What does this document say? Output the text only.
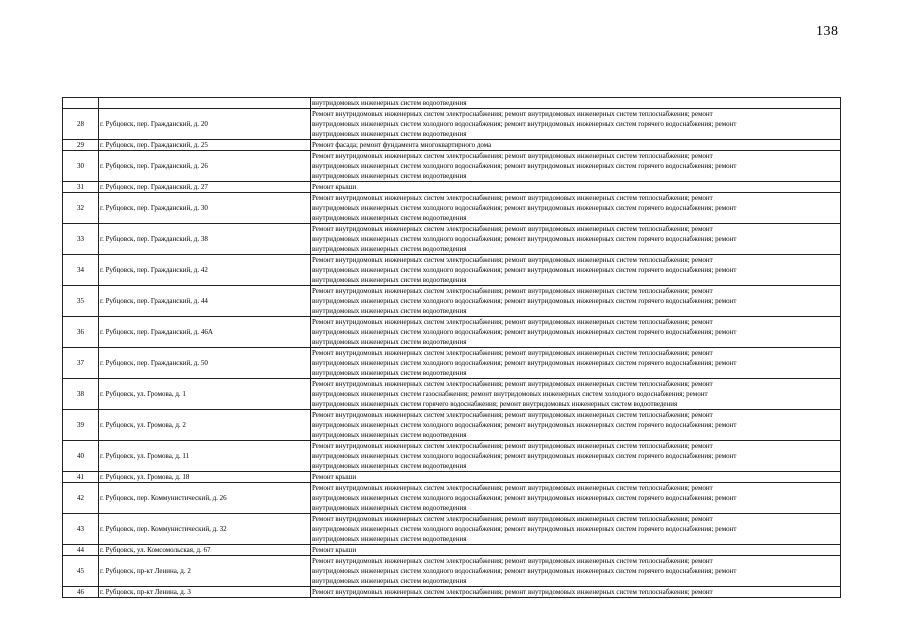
138

		внутридомовых инженерных систем водоотведения

28	г. Рубцовск, пер. Гражданский, д. 20	Ремонт внутридомовых инженерных систем электроснабжения; ремонт внутридомовых инженерных систем теплоснабжения; ремонт
внутридомовых инженерных систем холодного водоснабжения; ремонт внутридомовых инженерных систем горячего водоснабжения; ремонт
внутридомовых инженерных систем водоотведения

29	г. Рубцовск, пер. Гражданский, д. 25	Ремонт фасада; ремонт фундамента многоквартирного дома

30	г. Рубцовск, пер. Гражданский, д. 26	Ремонт внутридомовых инженерных систем электроснабжения; ремонт внутридомовых инженерных систем теплоснабжения; ремонт
внутридомовых инженерных систем холодного водоснабжения; ремонт внутридомовых инженерных систем горячего водоснабжения; ремонт
внутридомовых инженерных систем водоотведения

31	г. Рубцовск, пер. Гражданский, д. 27	Ремонт крыши

32	г. Рубцовск, пер. Гражданский, д. 30	Ремонт внутридомовых инженерных систем электроснабжения; ремонт внутридомовых инженерных систем теплоснабжения; ремонт
внутридомовых инженерных систем холодного водоснабжения; ремонт внутридомовых инженерных систем горячего водоснабжения; ремонт
внутридомовых инженерных систем водоотведения

33	г. Рубцовск, пер. Гражданский, д. 38	Ремонт внутридомовых инженерных систем электроснабжения; ремонт внутридомовых инженерных систем теплоснабжения; ремонт
внутридомовых инженерных систем холодного водоснабжения; ремонт внутридомовых инженерных систем горячего водоснабжения; ремонт
внутридомовых инженерных систем водоотведения

34	г. Рубцовск, пер. Гражданский, д. 42	Ремонт внутридомовых инженерных систем электроснабжения; ремонт внутридомовых инженерных систем теплоснабжения; ремонт
внутридомовых инженерных систем холодного водоснабжения; ремонт внутридомовых инженерных систем горячего водоснабжения; ремонт
внутридомовых инженерных систем водоотведения

35	г. Рубцовск, пер. Гражданский, д. 44	Ремонт внутридомовых инженерных систем электроснабжения; ремонт внутридомовых инженерных систем теплоснабжения; ремонт
внутридомовых инженерных систем холодного водоснабжения; ремонт внутридомовых инженерных систем горячего водоснабжения; ремонт
внутридомовых инженерных систем водоотведения

36	г. Рубцовск, пер. Гражданский, д. 46А	Ремонт внутридомовых инженерных систем электроснабжения; ремонт внутридомовых инженерных систем теплоснабжения; ремонт
внутридомовых инженерных систем холодного водоснабжения; ремонт внутридомовых инженерных систем горячего водоснабжения; ремонт
внутридомовых инженерных систем водоотведения

37	г. Рубцовск, пер. Гражданский, д. 50	Ремонт внутридомовых инженерных систем электроснабжения; ремонт внутридомовых инженерных систем теплоснабжения; ремонт
внутридомовых инженерных систем холодного водоснабжения; ремонт внутридомовых инженерных систем горячего водоснабжения; ремонт
внутридомовых инженерных систем водоотведения

38	г. Рубцовск, ул. Громова, д. 1	Ремонт внутридомовых инженерных систем электроснабжения; ремонт внутридомовых инженерных систем теплоснабжения; ремонт
внутридомовых инженерных систем газоснабжения; ремонт внутридомовых инженерных систем холодного водоснабжения; ремонт
внутридомовых инженерных систем горячего водоснабжения; ремонт внутридомовых инженерных систем водоотведения

39	г. Рубцовск, ул. Громова, д. 2	Ремонт внутридомовых инженерных систем электроснабжения; ремонт внутридомовых инженерных систем теплоснабжения; ремонт
внутридомовых инженерных систем холодного водоснабжения; ремонт внутридомовых инженерных систем горячего водоснабжения; ремонт
внутридомовых инженерных систем водоотведения

40	г. Рубцовск, ул. Громова, д. 11	Ремонт внутридомовых инженерных систем электроснабжения; ремонт внутридомовых инженерных систем теплоснабжения; ремонт
внутридомовых инженерных систем холодного водоснабжения; ремонт внутридомовых инженерных систем горячего водоснабжения; ремонт
внутридомовых инженерных систем водоотведения

41	г. Рубцовск, ул. Громова, д. 18	Ремонт крыши

42	г. Рубцовск, пер. Коммунистический, д. 26	Ремонт внутридомовых инженерных систем электроснабжения; ремонт внутридомовых инженерных систем теплоснабжения; ремонт
внутридомовых инженерных систем холодного водоснабжения; ремонт внутридомовых инженерных систем горячего водоснабжения; ремонт
внутридомовых инженерных систем водоотведения

43	г. Рубцовск, пер. Коммунистический, д. 32	Ремонт внутридомовых инженерных систем электроснабжения; ремонт внутридомовых инженерных систем теплоснабжения; ремонт
внутридомовых инженерных систем холодного водоснабжения; ремонт внутридомовых инженерных систем горячего водоснабжения; ремонт
внутридомовых инженерных систем водоотведения

44	г. Рубцовск, ул. Комсомольская, д. 67	Ремонт крыши

45	г. Рубцовск, пр-кт Ленина, д. 2	Ремонт внутридомовых инженерных систем электроснабжения; ремонт внутридомовых инженерных систем теплоснабжения; ремонт
внутридомовых инженерных систем холодного водоснабжения; ремонт внутридомовых инженерных систем горячего водоснабжения; ремонт
внутридомовых инженерных систем водоотведения

46	г. Рубцовск, пр-кт Ленина, д. 3	Ремонт внутридомовых инженерных систем электроснабжения; ремонт внутридомовых инженерных систем теплоснабжения; ремонт
